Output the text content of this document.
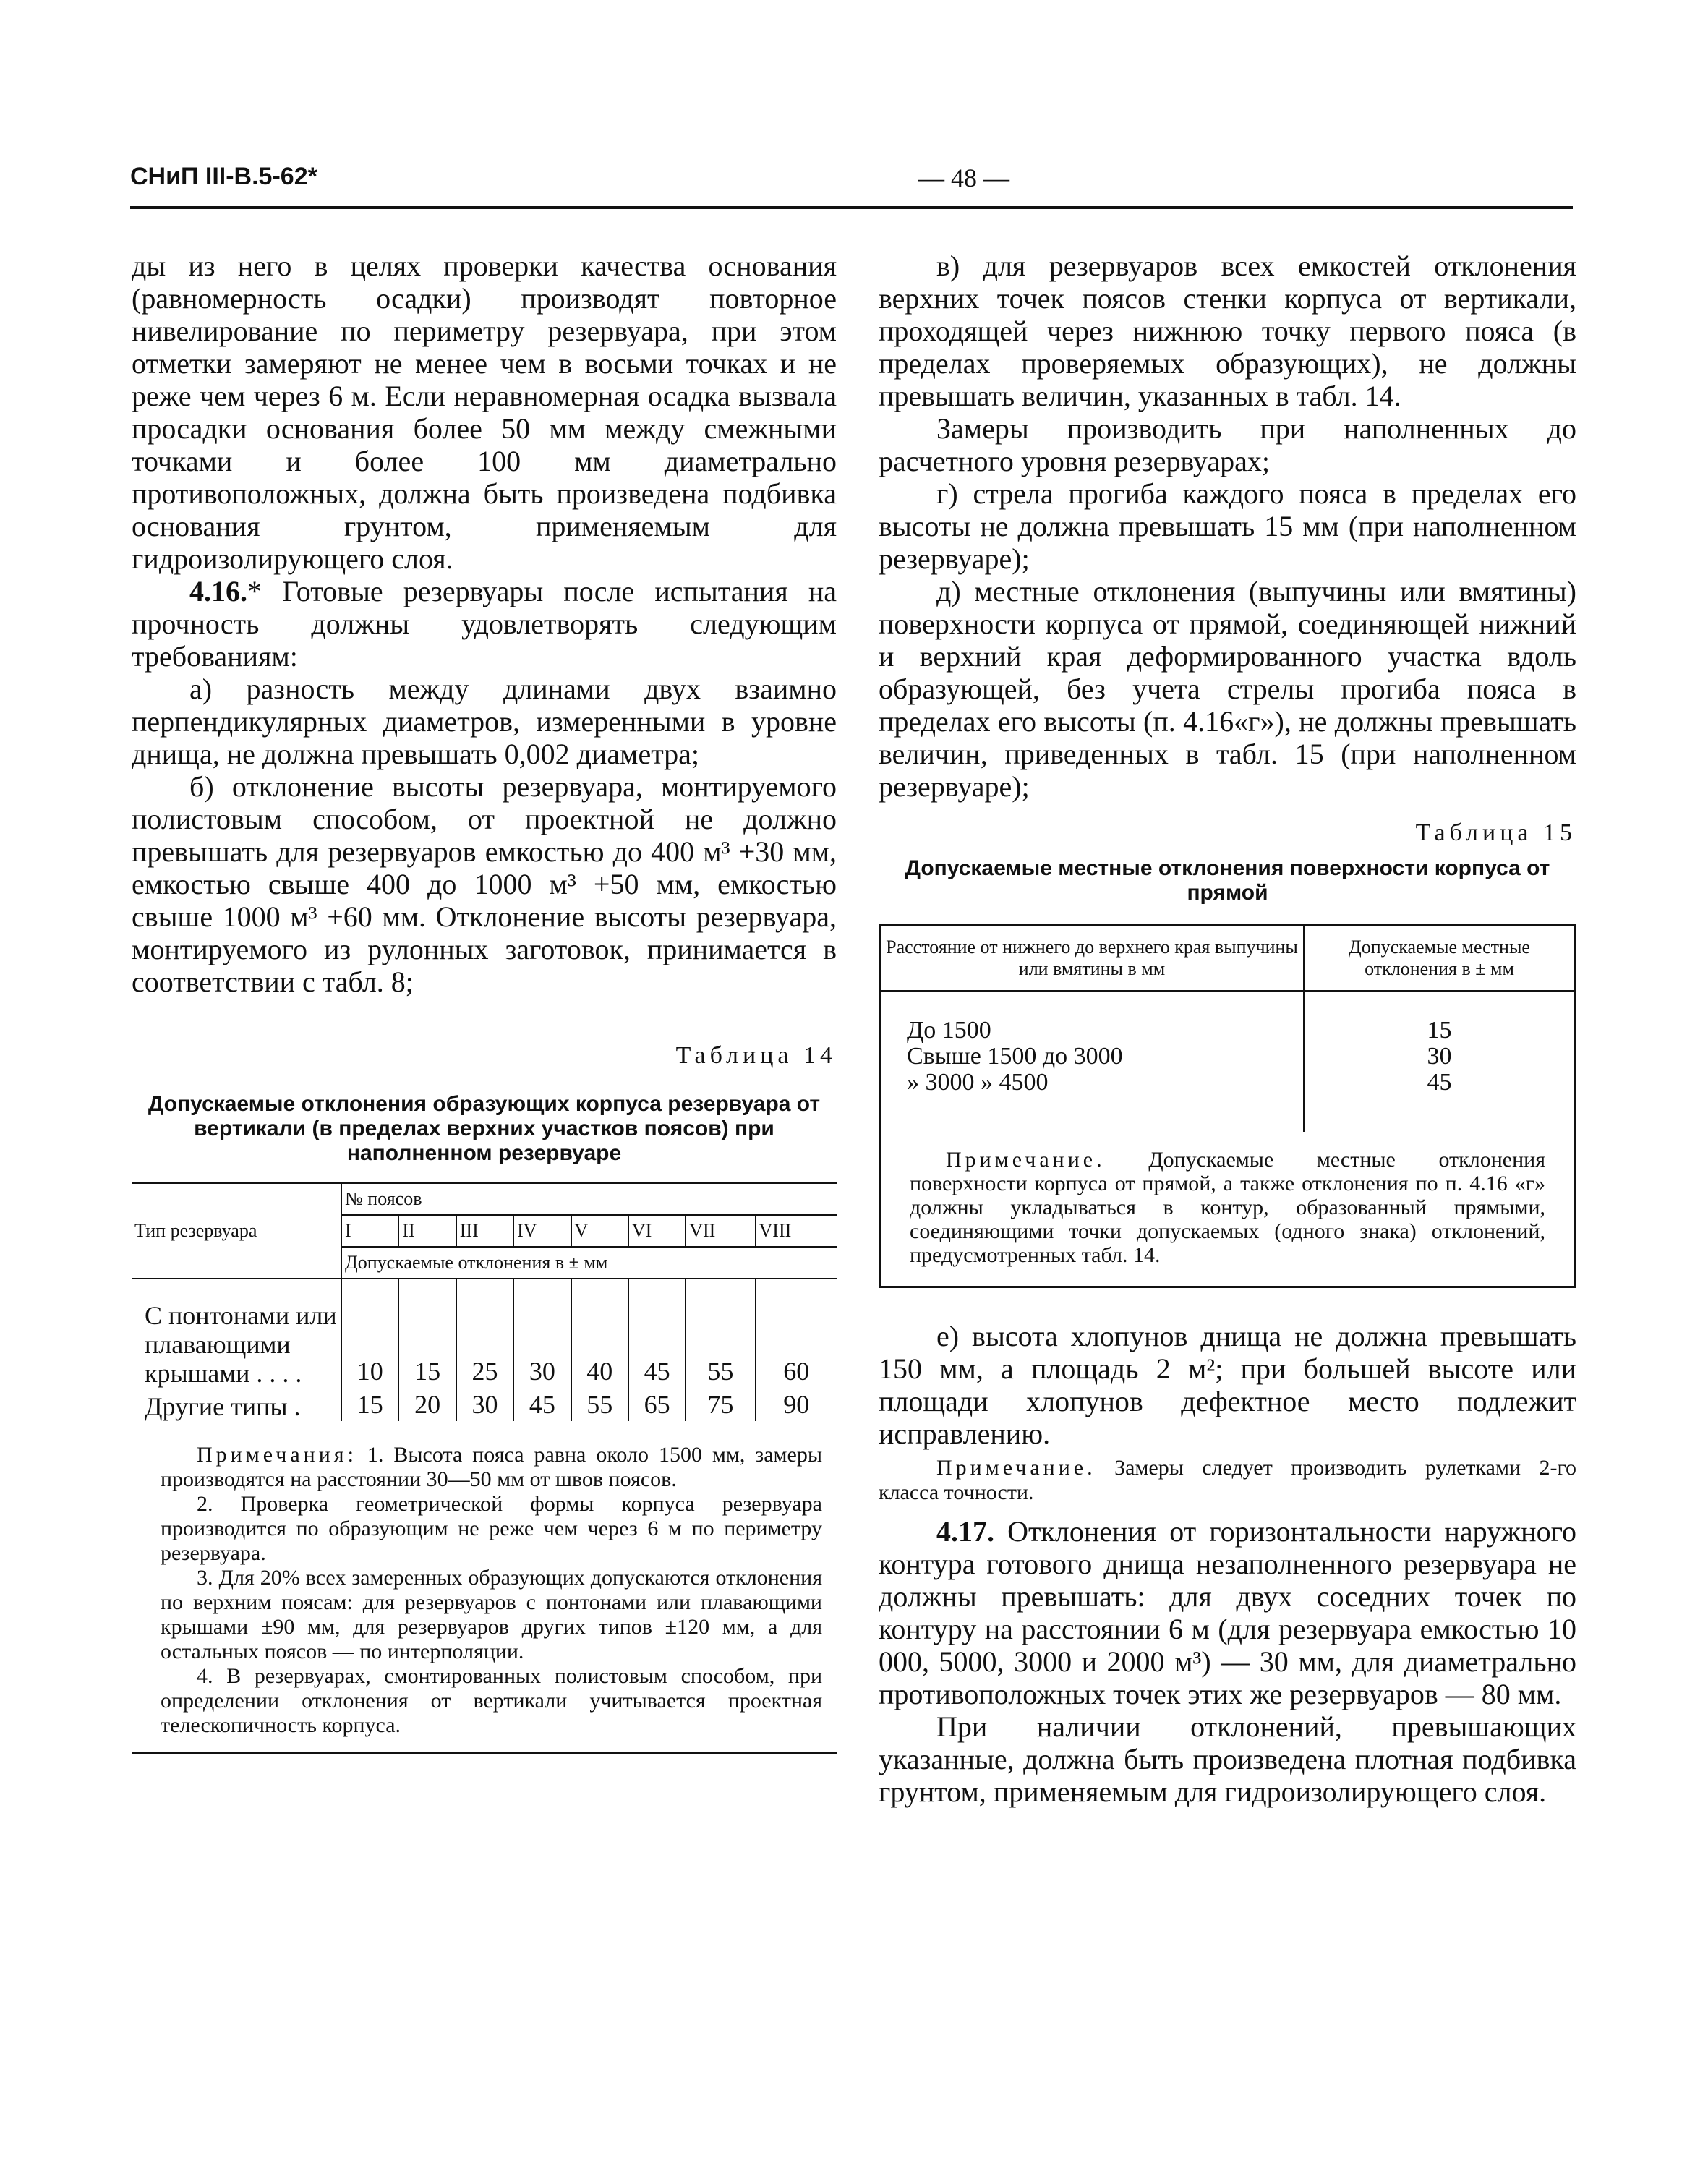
СНиП III-В.5-62*	— 48 —

ды из него в целях проверки качества основания (равномерность осадки) производят повторное нивелирование по периметру резервуара, при этом отметки замеряют не менее чем в восьми точках и не реже чем через 6 м. Если неравномерная осадка вызвала просадки основания более 50 мм между смежными точками и более 100 мм диаметрально противоположных, должна быть произведена подбивка основания грунтом, применяемым для гидроизолирующего слоя.

4.16.* Готовые резервуары после испытания на прочность должны удовлетворять следующим требованиям:

а) разность между длинами двух взаимно перпендикулярных диаметров, измеренными в уровне днища, не должна превышать 0,002 диаметра;

б) отклонение высоты резервуара, монтируемого полистовым способом, от проектной не должно превышать для резервуаров емкостью до 400 м³ +30 мм, емкостью свыше 400 до 1000 м³ +50 мм, емкостью свыше 1000 м³ +60 мм. Отклонение высоты резервуара, монтируемого из рулонных заготовок, принимается в соответствии с табл. 8;

Таблица 14
Допускаемые отклонения образующих корпуса резервуара от вертикали (в пределах верхних участков поясов) при наполненном резервуаре
Тип резервуара	№ поясов							
	I	II	III	IV	V	VI	VII	VIII
	Допускаемые отклонения в ± мм							
С понтонами или плавающими крышами . . . .	10	15	25	30	40	45	55	60
Другие типы .	15	20	30	45	55	65	75	90

Примечания: 1. Высота пояса равна около 1500 мм, замеры производятся на расстоянии 30—50 мм от швов поясов.

2. Проверка геометрической формы корпуса резервуара производится по образующим не реже чем через 6 м по периметру резервуара.

3. Для 20% всех замеренных образующих допускаются отклонения по верхним поясам: для резервуаров с понтонами или плавающими крышами ±90 мм, для резервуаров других типов ±120 мм, а для остальных поясов — по интерполяции.

4. В резервуарах, смонтированных полистовым способом, при определении отклонения от вертикали учитывается проектная телескопичность корпуса.

в) для резервуаров всех емкостей отклонения верхних точек поясов стенки корпуса от вертикали, проходящей через нижнюю точку первого пояса (в пределах проверяемых образующих), не должны превышать величин, указанных в табл. 14.

Замеры производить при наполненных до расчетного уровня резервуарах;

г) стрела прогиба каждого пояса в пределах его высоты не должна превышать 15 мм (при наполненном резервуаре);

д) местные отклонения (выпучины или вмятины) поверхности корпуса от прямой, соединяющей нижний и верхний края деформированного участка вдоль образующей, без учета стрелы прогиба пояса в пределах его высоты (п. 4.16«г»), не должны превышать величин, приведенных в табл. 15 (при наполненном резервуаре);

Таблица 15
Допускаемые местные отклонения поверхности корпуса от прямой
Расстояние от нижнего до верхнего края выпучины или вмятины в мм	Допускаемые местные отклонения в ± мм
До 1500	15
Свыше 1500 до 3000	30
» 3000 » 4500	45
Примечание. Допускаемые местные отклонения поверхности корпуса от прямой, а также отклонения по п. 4.16 «г» должны укладываться в контур, образованный прямыми, соединяющими точки допускаемых (одного знака) отклонений, предусмотренных табл. 14.

е) высота хлопунов днища не должна превышать 150 мм, а площадь 2 м²; при большей высоте или площади хлопунов дефектное место подлежит исправлению.

Примечание. Замеры следует производить рулетками 2-го класса точности.

4.17. Отклонения от горизонтальности наружного контура готового днища незаполненного резервуара не должны превышать: для двух соседних точек по контуру на расстоянии 6 м (для резервуара емкостью 10 000, 5000, 3000 и 2000 м³) — 30 мм, для диаметрально противоположных точек этих же резервуаров — 80 мм.

При наличии отклонений, превышающих указанные, должна быть произведена плотная подбивка грунтом, применяемым для гидроизолирующего слоя.
